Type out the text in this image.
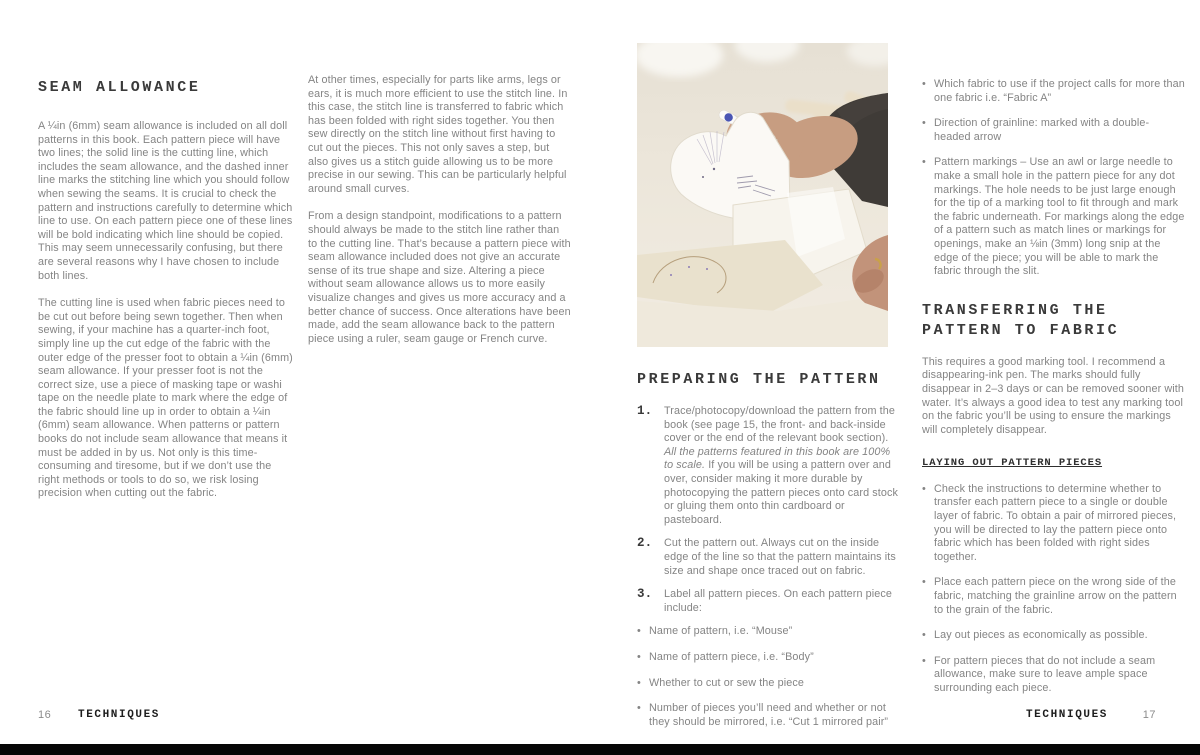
SEAM ALLOWANCE

A ¼in (6mm) seam allowance is included on all doll patterns in this book. Each pattern piece will have two lines; the solid line is the cutting line, which includes the seam allowance, and the dashed inner line marks the stitching line which you should follow when sewing the seams. It is crucial to check the pattern and instructions carefully to determine which line to use. On each pattern piece one of these lines will be bold indicating which line should be copied. This may seem unnecessarily confusing, but there are several reasons why I have chosen to include both lines.

The cutting line is used when fabric pieces need to be cut out before being sewn together. Then when sewing, if your machine has a quarter-inch foot, simply line up the cut edge of the fabric with the outer edge of the presser foot to obtain a ¼in (6mm) seam allowance. If your presser foot is not the correct size, use a piece of masking tape or washi tape on the needle plate to mark where the edge of the fabric should line up in order to obtain a ¼in (6mm) seam allowance. When patterns or pattern books do not include seam allowance that means it must be added in by us. Not only is this time-consuming and tiresome, but if we don’t use the right methods or tools to do so, we risk losing precision when cutting out the fabric.

At other times, especially for parts like arms, legs or ears, it is much more efficient to use the stitch line. In this case, the stitch line is transferred to fabric which has been folded with right sides together. You then sew directly on the stitch line without first having to cut out the pieces. This not only saves a step, but also gives us a stitch guide allowing us to be more precise in our sewing. This can be particularly helpful around small curves.

From a design standpoint, modifications to a pattern should always be made to the stitch line rather than to the cutting line. That’s because a pattern piece with seam allowance included does not give an accurate sense of its true shape and size. Altering a piece without seam allowance allows us to more easily visualize changes and gives us more accuracy and a better chance of success. Once alterations have been made, add the seam allowance back to the pattern piece using a ruler, seam gauge or French curve.

PREPARING THE PATTERN
1.	Trace/photocopy/download the pattern from the book (see page 15, the front- and back-inside cover or the end of the relevant book section). All the patterns featured in this book are 100% to scale. If you will be using a pattern over and over, consider making it more durable by photocopying the pattern pieces onto card stock or gluing them onto thin cardboard or pasteboard.
2.	Cut the pattern out. Always cut on the inside edge of the line so that the pattern maintains its size and shape once traced out on fabric.
3.	Label all pattern pieces. On each pattern piece include:
• Name of pattern, i.e. “Mouse”
• Name of pattern piece, i.e. “Body”
• Whether to cut or sew the piece
• Number of pieces you’ll need and whether or not they should be mirrored, i.e. “Cut 1 mirrored pair”
• Which fabric to use if the project calls for more than one fabric i.e. “Fabric A”
• Direction of grainline: marked with a double-headed arrow
• Pattern markings – Use an awl or large needle to make a small hole in the pattern piece for any dot markings. The hole needs to be just large enough for the tip of a marking tool to fit through and mark the fabric underneath. For markings along the edge of a pattern such as match lines or markings for openings, make an ⅛in (3mm) long snip at the edge of the piece; you will be able to mark the fabric through the slit.
TRANSFERRING THE
PATTERN TO FABRIC

This requires a good marking tool. I recommend a disappearing-ink pen. The marks should fully disappear in 2–3 days or can be removed sooner with water. It’s always a good idea to test any marking tool on the fabric you’ll be using to ensure the markings will completely disappear.

LAYING OUT PATTERN PIECES
• Check the instructions to determine whether to transfer each pattern piece to a single or double layer of fabric. To obtain a pair of mirrored pieces, you will be directed to lay the pattern piece onto fabric which has been folded with right sides together.
• Place each pattern piece on the wrong side of the fabric, matching the grainline arrow on the pattern to the grain of the fabric.
• Lay out pieces as economically as possible.
• For pattern pieces that do not include a seam allowance, make sure to leave ample space surrounding each piece.
16 TECHNIQUES	TECHNIQUES	17
